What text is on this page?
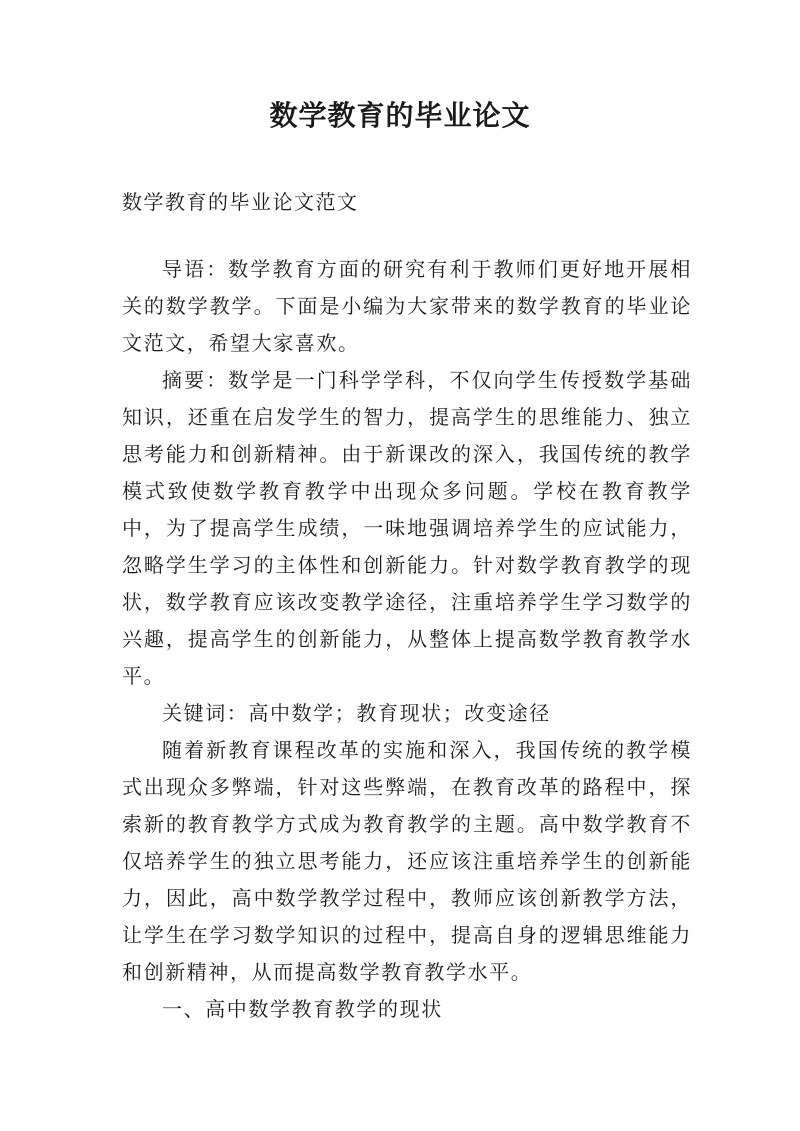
数学教育的毕业论文
数学教育的毕业论文范文

导语：数学教育方面的研究有利于教师们更好地开展相关的数学教学。下面是小编为大家带来的数学教育的毕业论文范文，希望大家喜欢。

摘要：数学是一门科学学科，不仅向学生传授数学基础知识，还重在启发学生的智力，提高学生的思维能力、独立思考能力和创新精神。由于新课改的深入，我国传统的教学模式致使数学教育教学中出现众多问题。学校在教育教学中，为了提高学生成绩，一味地强调培养学生的应试能力，忽略学生学习的主体性和创新能力。针对数学教育教学的现状，数学教育应该改变教学途径，注重培养学生学习数学的兴趣，提高学生的创新能力，从整体上提高数学教育教学水平。

关键词：高中数学；教育现状；改变途径

随着新教育课程改革的实施和深入，我国传统的教学模式出现众多弊端，针对这些弊端，在教育改革的路程中，探索新的教育教学方式成为教育教学的主题。高中数学教育不仅培养学生的独立思考能力，还应该注重培养学生的创新能力，因此，高中数学教学过程中，教师应该创新教学方法，让学生在学习数学知识的过程中，提高自身的逻辑思维能力和创新精神，从而提高数学教育教学水平。

一、高中数学教育教学的现状
